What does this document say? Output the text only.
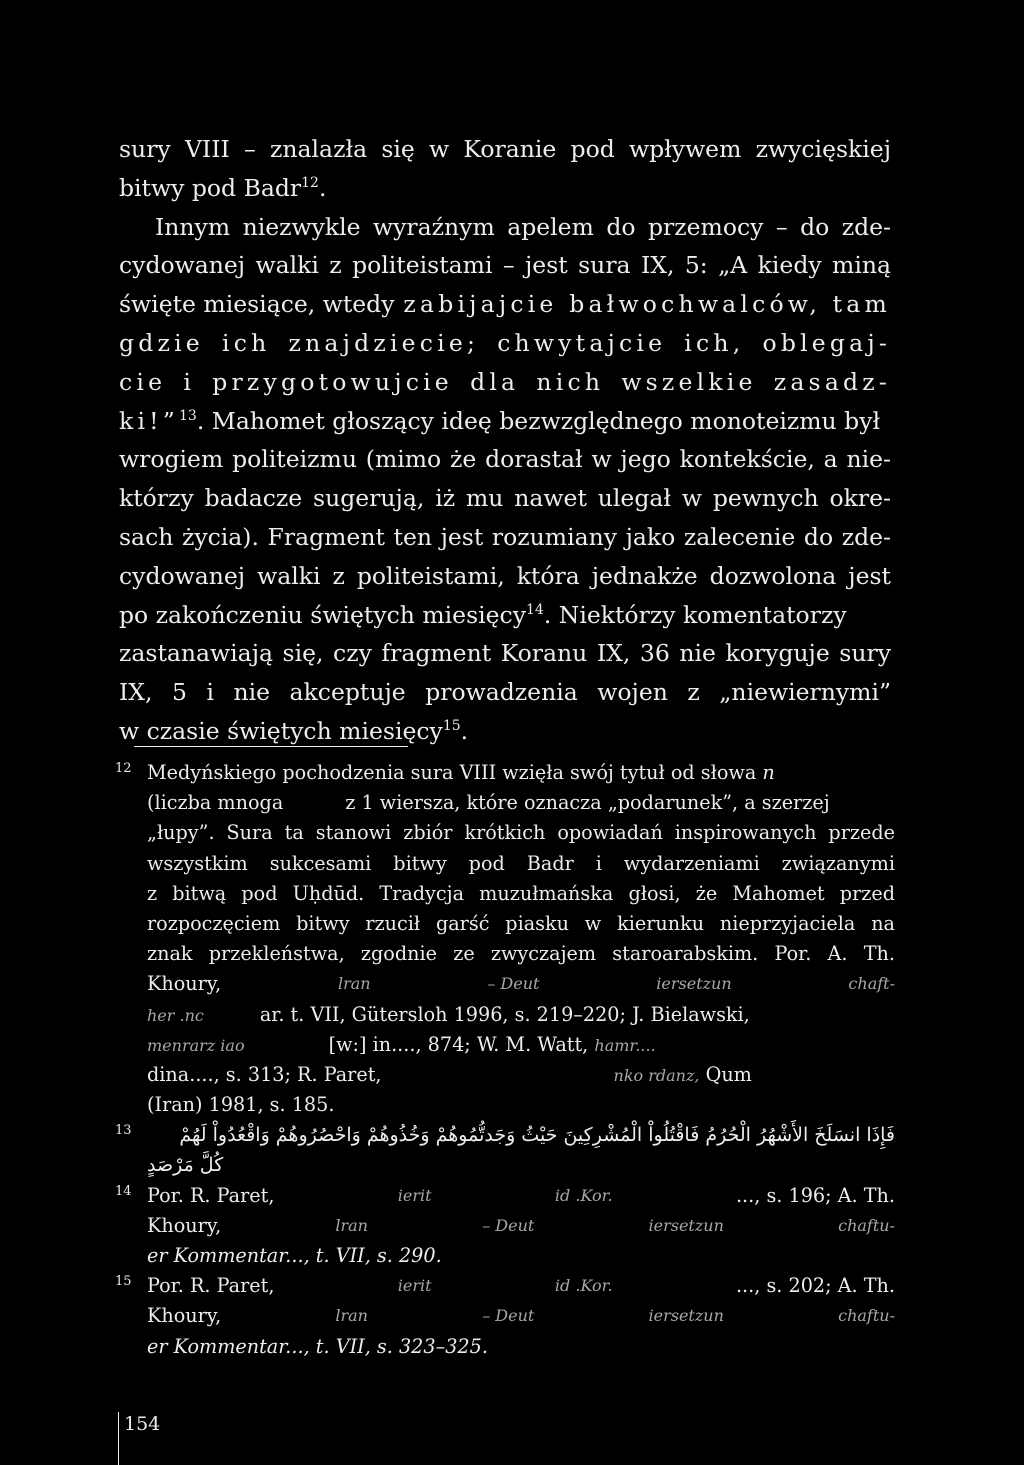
sury VIII – znalazła się w Koranie pod wpływem zwycięskiej
bitwy pod Badr$^{12}$.
Innym niezwykle wyraźnym apelem do przemocy – do zde-
cydowanej walki z politeistami – jest sura IX, 5: „A kiedy miną
święte miesiące, wtedy zabijajcie bałwochwalców, tam
gdzie ich znajdziecie; chwytajcie ich, oblegaj-
cie i przygotowujcie dla nich wszelkie zasadz-
ki!”$^{13}$. Mahomet głoszący ideę bezwzględnego monoteizmu był
wrogiem politeizmu (mimo że dorastał w jego kontekście, a nie-
którzy badacze sugerują, iż mu nawet ulegał w pewnych okre-
sach życia). Fragment ten jest rozumiany jako zalecenie do zde-
cydowanej walki z politeistami, która jednakże dozwolona jest
po zakończeniu świętych miesięcy$^{14}$. Niektórzy komentatorzy
zastanawiają się, czy fragment Koranu IX, 36 nie koryguje sury
IX, 5 i nie akceptuje prowadzenia wojen z „niewiernymi”
w czasie świętych miesięcy$^{15}$.
12 Medyńskiego pochodzenia sura VIII wzięła swój tytuł od słowa n
(liczba mnoga	z 1 wiersza, które oznacza „podarunek”, a szerzej
„łupy”. Sura ta stanowi zbiór krótkich opowiadań inspirowanych przede
wszystkim sukcesami bitwy pod Badr i wydarzeniami związanymi
z bitwą pod Uḥdūd. Tradycja muzułmańska głosi, że Mahomet przed
rozpoczęciem bitwy rzucił garść piasku w kierunku nieprzyjaciela na
znak przekleństwa, zgodnie ze zwyczajem staroarabskim. Por. A. Th.
Khoury,	lran	– Deut	iersetzun	chaft-
her .nc	ar. t. VII, Gütersloh 1996, s. 219–220; J. Bielawski,
menrarz iao	[w:] in...., 874; W. M. Watt, hamr....
dina...., s. 313; R. Paret,	nko rdanz, Qum
(Iran) 1981, s. 185.
13	فَإِذَا انسَلَخَ الأَشْهُرُ الْحُرُمُ فَاقْتُلُواْ الْمُشْرِكِينَ حَيْثُ وَجَدتُّمُوهُمْ وَخُذُوهُمْ وَاحْصُرُوهُمْ وَاقْعُدُواْ لَهُمْ
كُلَّ مَرْصَدٍ
14 Por. R. Paret,	ierit	id .Kor.	..., s. 196; A. Th.
Khoury,	lran	– Deut	iersetzun	chaftu-
er Kommentar..., t. VII, s. 290.
15 Por. R. Paret,	ierit	id .Kor.	..., s. 202; A. Th.
Khoury,	lran	– Deut	iersetzun	chaftu-
er Kommentar..., t. VII, s. 323–325.
154
